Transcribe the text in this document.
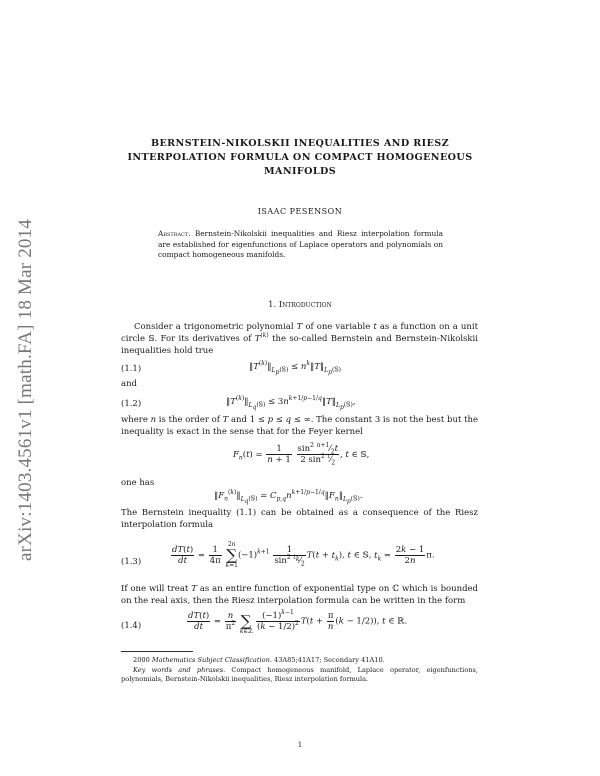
arXiv:1403.4561v1 [math.FA] 18 Mar 2014
BERNSTEIN-NIKOLSKII INEQUALITIES AND RIESZ
INTERPOLATION FORMULA ON COMPACT HOMOGENEOUS
MANIFOLDS
ISAAC PESENSON
Abstract. Bernstein-Nikolskii inequalities and Riesz interpolation formula are established for eigenfunctions of Laplace operators and polynomials on compact homogeneous manifolds.
1. Introduction
Consider a trigonometric polynomial T of one variable t as a function on a unit circle 𝕊. For its derivatives of $T^{(k)}$ the so-called Bernstein and Bernstein-Nikolskii inequalities hold true
(1.1)	$‖T^{(k)}‖_{L_p(𝕊)}$ ≤ $n^k‖T‖_{L_p(𝕊)}$
and
(1.2)	$‖T^{(k)}‖_{L_q(𝕊)}$ ≤ $3n^{k+1/p-1/q}‖T‖_{L_p(𝕊)}$,
where n is the order of T and 1 ≤ p ≤ q ≤ ∞. The constant 3 is not the best but the inequality is exact in the sense that for the Feyer kernel
$F_n(t) = \frac{1}{n + 1}$
$\frac{\sin^2 ^{n+1}⁄_2t}{2 \sin^2 ^t⁄_2}$ , t ∈ 𝕊,
one has
$‖F_n^{(k)}‖_{L_q(𝕊)}$ = $C_{p,q}n^{k+1/p-1/q}‖F_n‖_{L_p(𝕊)}$.
The Bernstein inequality (1.1) can be obtained as a consequence of the Riesz interpolation formula
(1.3)	$\frac{dT(t)}{dt} = \frac{1}{4\pi} 2n$
∑
$k=1(-1)^{k+1} \frac{1}{\sin^2 ^{t_k}⁄_2} T(t + t_k)$, t ∈ 𝕊, $t_k = \frac{2k - 1}{2n} \pi$.
If one will treat T as an entire function of exponential type on ℂ which is bounded on the real axis, then the Riesz interpolation formula can be written in the form
(1.4)	$\frac{dT(t)}{dt} = \frac{n}{\pi^2}$
∑
k∈ℤ $\frac{(-1)^{k-1}}{(k - 1/2)^2} T(t + \frac{\pi}{n} (k - 1/2))$, t ∈ ℝ.
2000 Mathematics Subject Classification. 43A85;41A17; Secondary 41A10.
Key words and phrases. Compact homogeneous manifold, Laplace operator, eigenfunctions, polynomials, Bernstein-Nikolskii inequalities, Riesz interpolation formula.
1
